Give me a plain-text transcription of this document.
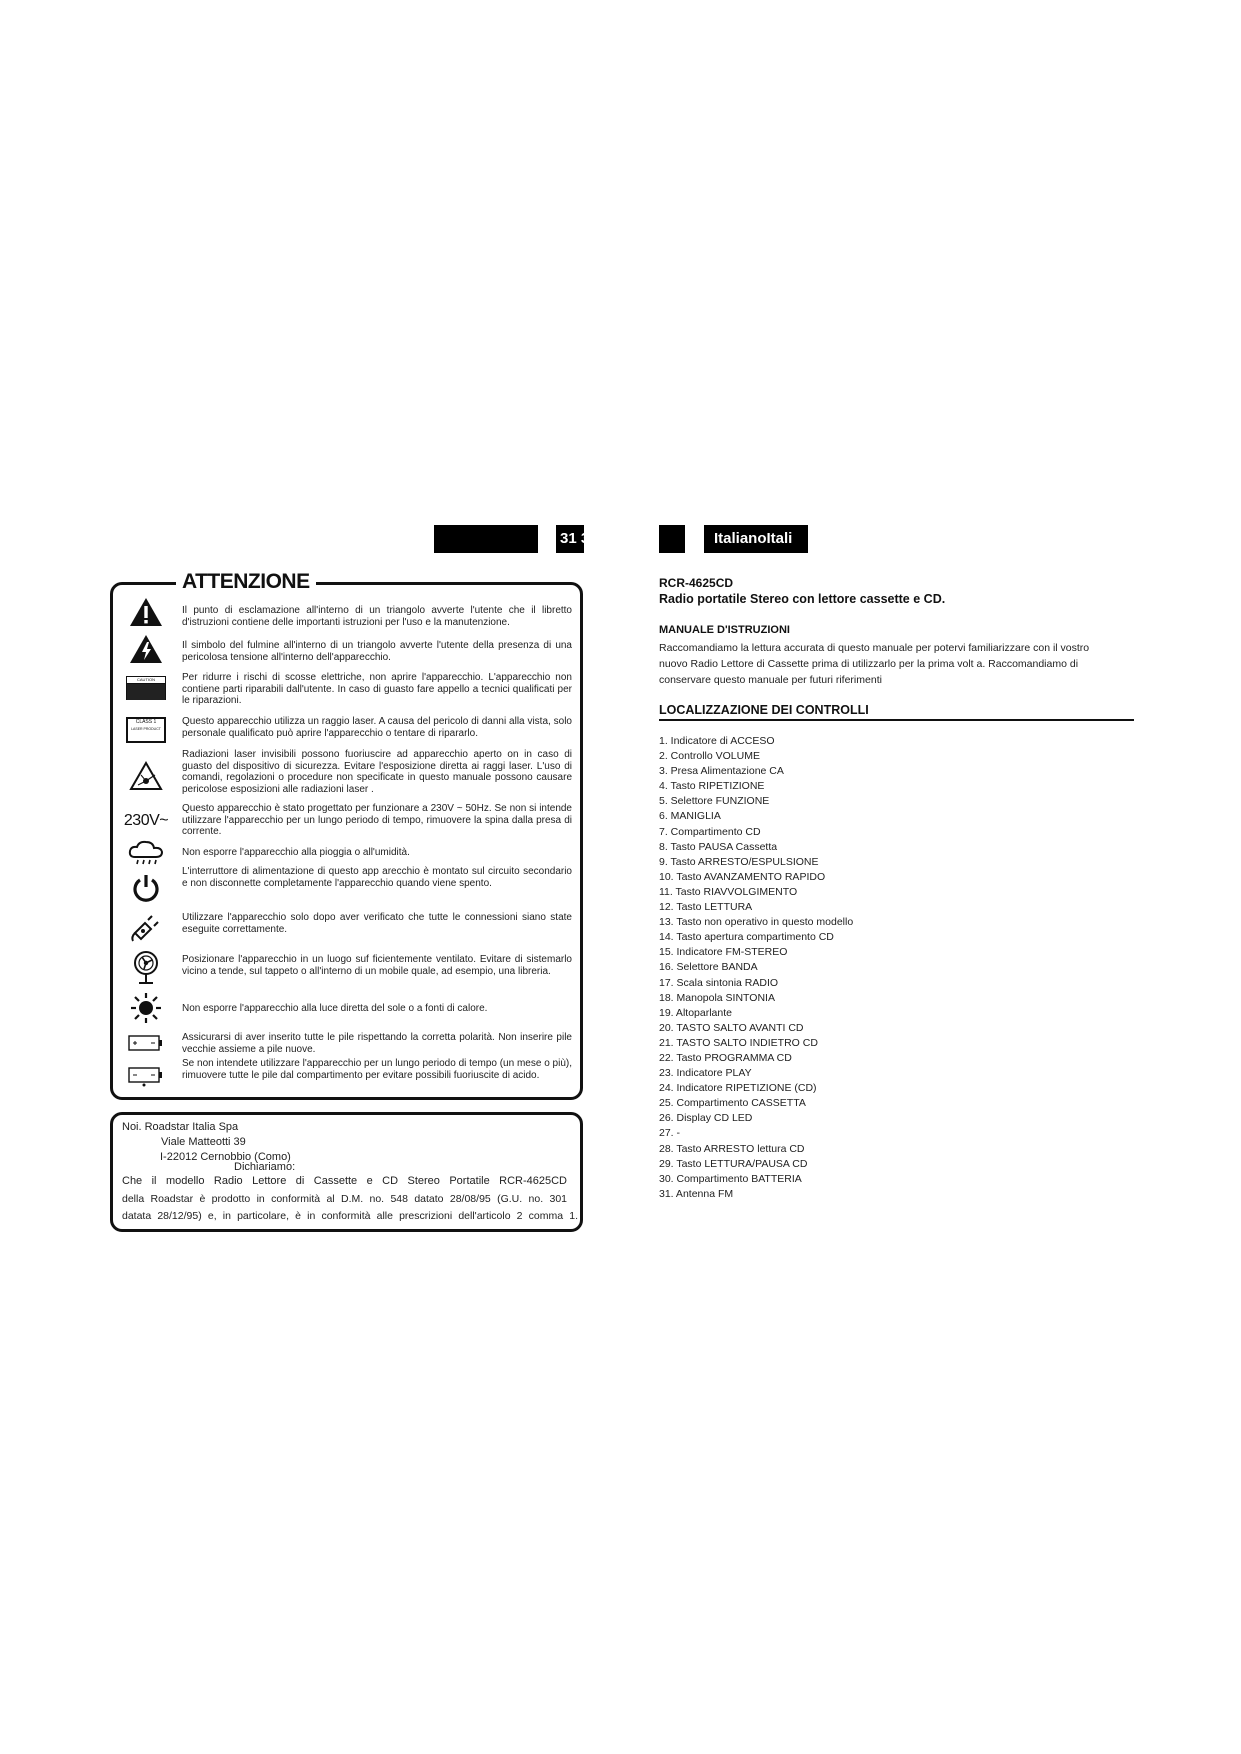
31 3	ItalianoItali
ATTENZIONE
Il punto di esclamazione all'interno di un triangolo avverte l'utente che il libretto d'istruzioni contiene delle importanti istruzioni per l'uso e la manutenzione.
Il simbolo del fulmine all'interno di un triangolo avverte l'utente della presenza di una pericolosa tensione all'interno dell'apparecchio.
CAUTION	Per ridurre i rischi di scosse elettriche, non aprire l'apparecchio. L'apparecchio non contiene parti riparabili dall'utente. In caso di guasto fare appello a tecnici qualificati per le riparazioni.
CLASS 1
LASER PRODUCT
Questo apparecchio utilizza un raggio laser. A causa del pericolo di danni alla vista, solo personale qualificato può aprire l'apparecchio o tentare di ripararlo.
Radiazioni laser invisibili possono fuoriuscire ad apparecchio aperto on in caso di guasto del dispositivo di sicurezza. Evitare l'esposizione diretta ai raggi laser. L'uso di comandi, regolazioni o procedure non specificate in questo manuale possono causare pericolose esposizioni alle radiazioni laser .
230V~
Questo apparecchio è stato progettato per funzionare a 230V ~ 50Hz. Se non si intende utilizzare l'apparecchio per un lungo periodo di tempo, rimuovere la spina dalla presa di corrente.
Non esporre l'apparecchio alla pioggia o all'umidità.
L'interruttore di alimentazione di questo app arecchio è montato sul circuito secondario e non disconnette completamente l'apparecchio quando viene spento.
Utilizzare l'apparecchio solo dopo aver verificato che tutte le connessioni siano state eseguite correttamente.
Posizionare l'apparecchio in un luogo suf ficientemente ventilato. Evitare di sistemarlo vicino a tende, sul tappeto o all'interno di un mobile quale, ad esempio, una libreria.
Non esporre l'apparecchio alla luce diretta del sole o a fonti di calore.
Assicurarsi di aver inserito tutte le pile rispettando la corretta polarità. Non inserire pile vecchie assieme a pile nuove.
Se non intendete utilizzare l'apparecchio per un lungo periodo di tempo (un mese o più), rimuovere tutte le pile dal compartimento per evitare possibili fuoriuscite di acido.
Noi. Roadstar Italia Spa
Viale Matteotti 39
I-22012 Cernobbio (Como)
Dichiariamo:
Che il modello Radio Lettore di Cassette e CD Stereo Portatile RCR-4625CD
della Roadstar è prodotto in conformità al D.M. no. 548 datato 28/08/95 (G.U. no. 301
datata 28/12/95) e, in particolare, è in conformità alle prescrizioni dell'articolo 2 comma 1.
RCR-4625CD
Radio portatile Stereo con lettore cassette e CD.
MANUALE D'ISTRUZIONI
Raccomandiamo la lettura accurata di questo manuale per potervi familiarizzare con il vostro
nuovo Radio Lettore di Cassette prima di utilizzarlo per la prima volt a. Raccomandiamo di
conservare questo manuale per futuri riferimenti
LOCALIZZAZIONE DEI CONTROLLI
1. Indicatore di ACCESO
2. Controllo VOLUME
3. Presa Alimentazione CA
4. Tasto RIPETIZIONE
5. Selettore FUNZIONE
6. MANIGLIA
7. Compartimento CD
8. Tasto PAUSA Cassetta
9. Tasto ARRESTO/ESPULSIONE
10. Tasto AVANZAMENTO RAPIDO
11. Tasto RIAVVOLGIMENTO
12. Tasto LETTURA
13. Tasto non operativo in questo modello
14. Tasto apertura compartimento CD
15. Indicatore FM-STEREO
16. Selettore BANDA
17. Scala sintonia RADIO
18. Manopola SINTONIA
19. Altoparlante
20. TASTO SALTO AVANTI CD
21. TASTO SALTO INDIETRO CD
22. Tasto PROGRAMMA CD
23. Indicatore PLAY
24. Indicatore RIPETIZIONE (CD)
25. Compartimento CASSETTA
26. Display CD LED
27. -
28. Tasto ARRESTO lettura CD
29. Tasto LETTURA/PAUSA CD
30. Compartimento BATTERIA
31. Antenna FM
